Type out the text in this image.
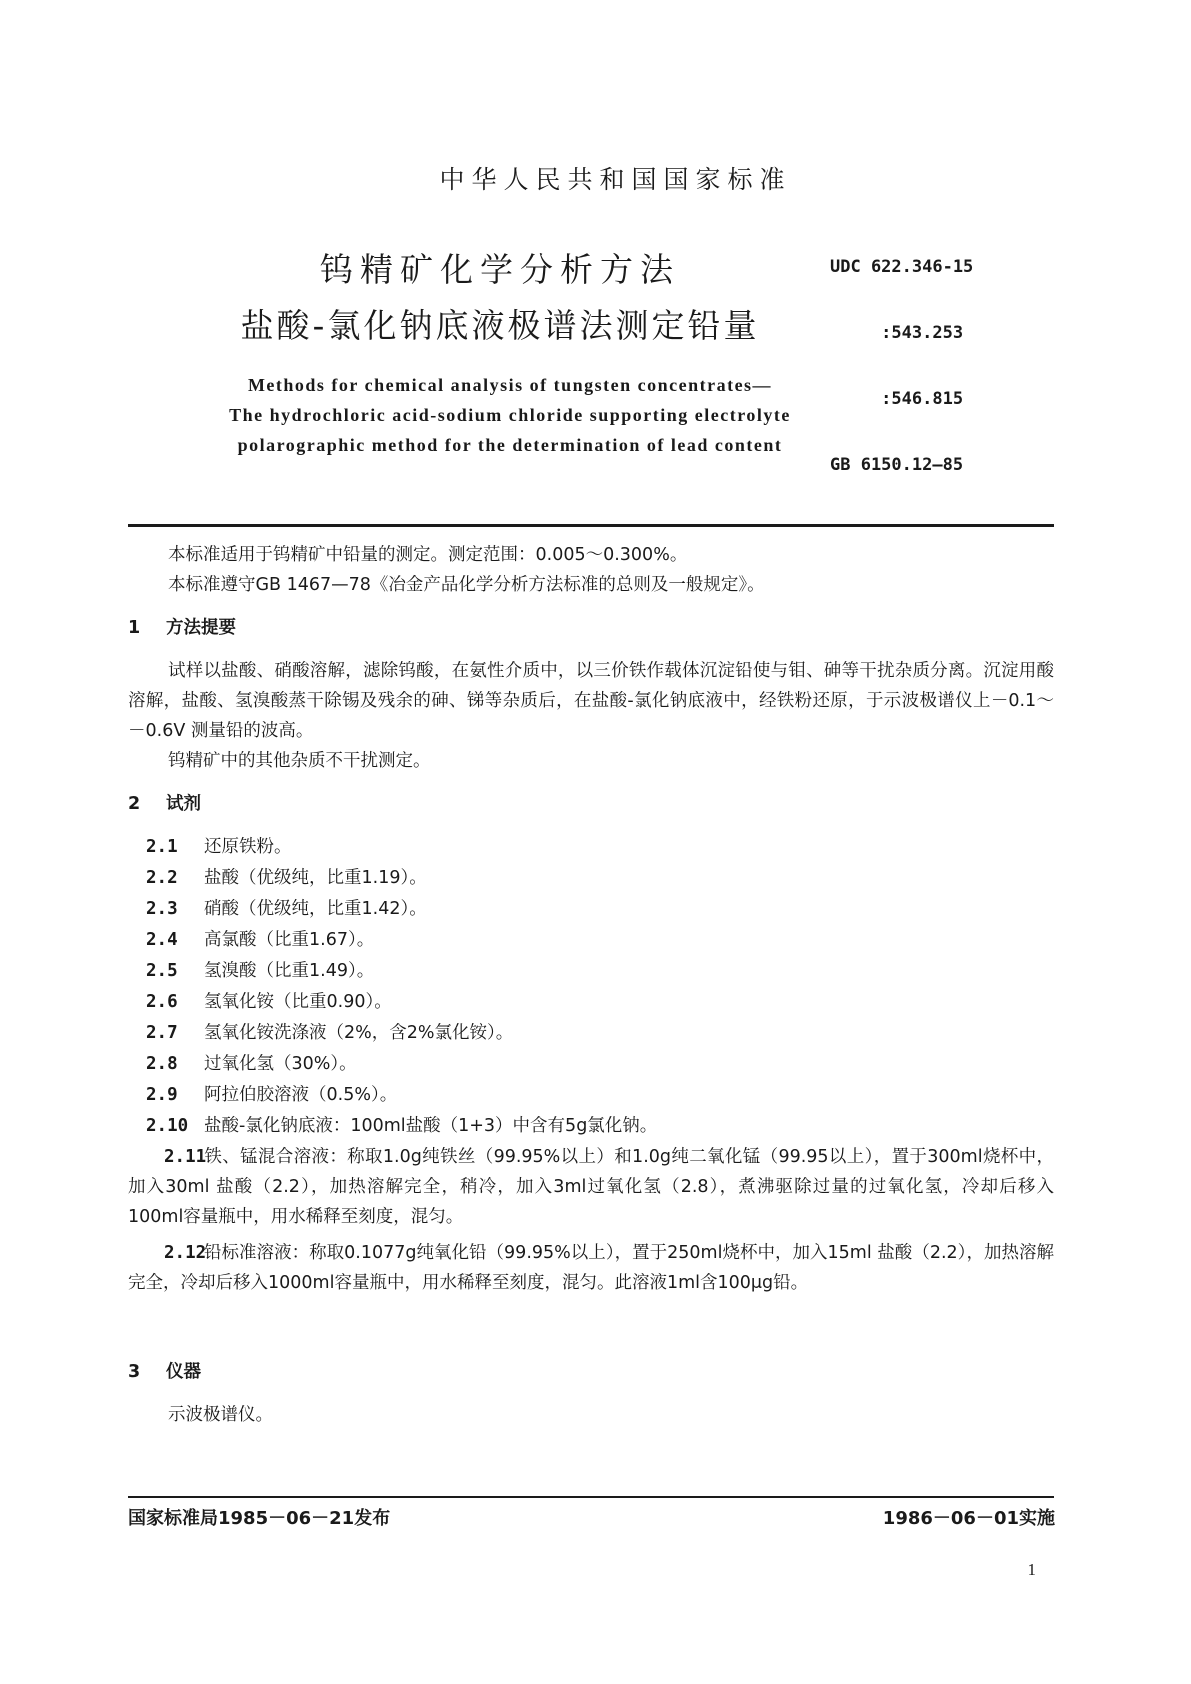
中华人民共和国国家标准
钨精矿化学分析方法
盐酸-氯化钠底液极谱法测定铅量

UDC 622.346-15

:543.253

:546.815

GB 6150.12—85

Methods for chemical analysis of tungsten concentrates—
The hydrochloric acid-sodium chloride supporting electrolyte
polarographic method for the determination of lead content
本标准适用于钨精矿中铅量的测定。测定范围：0.005～0.300%。
本标准遵守GB 1467—78《冶金产品化学分析方法标准的总则及一般规定》。
1 方法提要
试样以盐酸、硝酸溶解，滤除钨酸，在氨性介质中，以三价铁作载体沉淀铅使与钼、砷等干扰杂质分离。沉淀用酸溶解，盐酸、氢溴酸蒸干除锡及残余的砷、锑等杂质后，在盐酸-氯化钠底液中，经铁粉还原，于示波极谱仪上－0.1～－0.6V 测量铅的波高。
钨精矿中的其他杂质不干扰测定。
2 试剂
2.1 还原铁粉。
2.2 盐酸（优级纯，比重1.19）。
2.3 硝酸（优级纯，比重1.42）。
2.4 高氯酸（比重1.67）。
2.5 氢溴酸（比重1.49）。
2.6 氢氧化铵（比重0.90）。
2.7 氢氧化铵洗涤液（2%，含2%氯化铵）。
2.8 过氧化氢（30%）。
2.9 阿拉伯胶溶液（0.5%）。
2.10 盐酸-氯化钠底液：100ml盐酸（1+3）中含有5g氯化钠。
2.11铁、锰混合溶液：称取1.0g纯铁丝（99.95%以上）和1.0g纯二氧化锰（99.95以上），置于300ml烧杯中，加入30ml 盐酸（2.2），加热溶解完全，稍冷，加入3ml过氧化氢（2.8），煮沸驱除过量的过氧化氢，冷却后移入100ml容量瓶中，用水稀释至刻度，混匀。
2.12铅标准溶液：称取0.1077g纯氧化铅（99.95%以上），置于250ml烧杯中，加入15ml 盐酸（2.2），加热溶解完全，冷却后移入1000ml容量瓶中，用水稀释至刻度，混匀。此溶液1ml含100μg铅。
3 仪器
示波极谱仪。
国家标准局1985－06－21发布	1986－06－01实施
1
